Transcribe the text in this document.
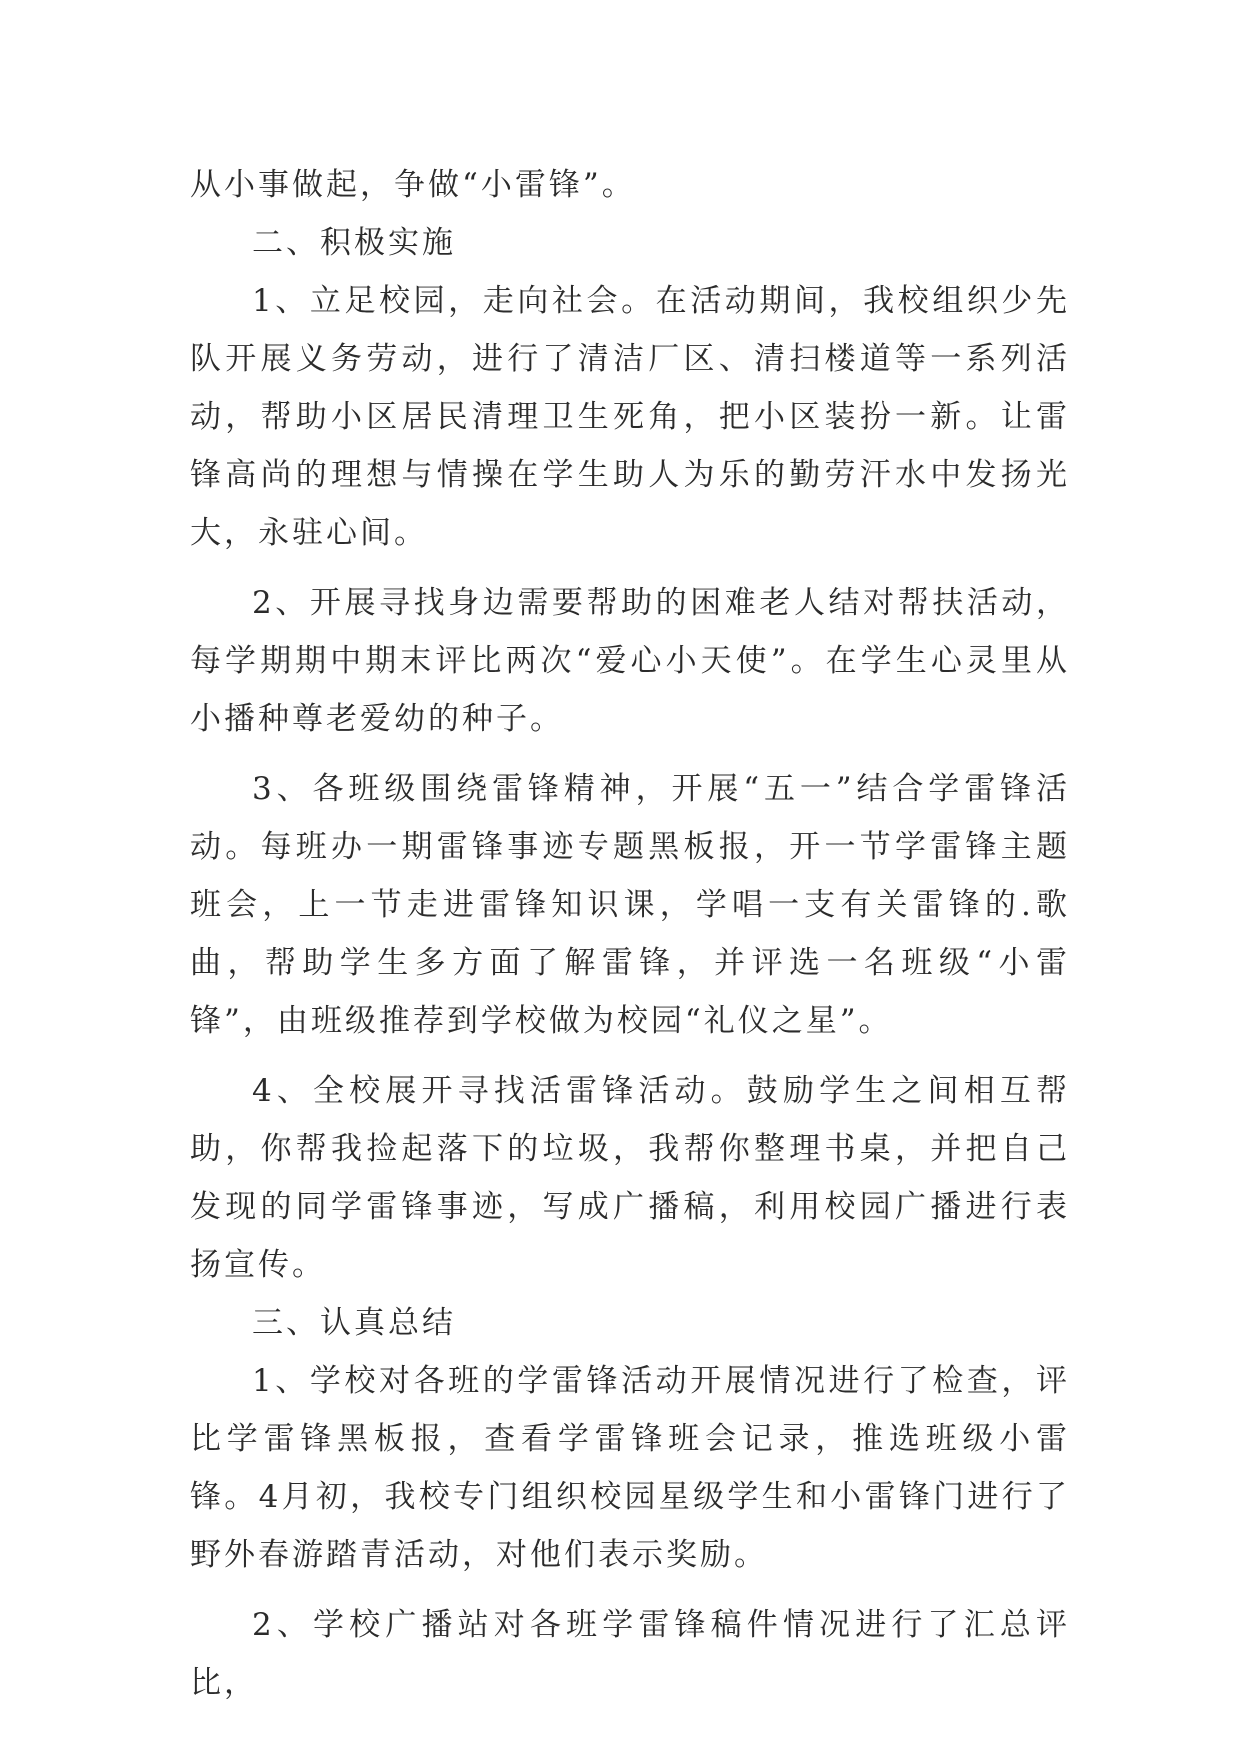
从小事做起，争做“小雷锋”。

二、积极实施

1、立足校园，走向社会。在活动期间，我校组织少先队开展义务劳动，进行了清洁厂区、清扫楼道等一系列活动，帮助小区居民清理卫生死角，把小区装扮一新。让雷锋高尚的理想与情操在学生助人为乐的勤劳汗水中发扬光大，永驻心间。

2、开展寻找身边需要帮助的困难老人结对帮扶活动，每学期期中期末评比两次“爱心小天使”。在学生心灵里从小播种尊老爱幼的种子。

3、各班级围绕雷锋精神，开展“五一”结合学雷锋活动。每班办一期雷锋事迹专题黑板报，开一节学雷锋主题班会，上一节走进雷锋知识课，学唱一支有关雷锋的.歌曲，帮助学生多方面了解雷锋，并评选一名班级“小雷锋”，由班级推荐到学校做为校园“礼仪之星”。

4、全校展开寻找活雷锋活动。鼓励学生之间相互帮助，你帮我捡起落下的垃圾，我帮你整理书桌，并把自己发现的同学雷锋事迹，写成广播稿，利用校园广播进行表扬宣传。

三、认真总结

1、学校对各班的学雷锋活动开展情况进行了检查，评比学雷锋黑板报，查看学雷锋班会记录，推选班级小雷锋。4月初，我校专门组织校园星级学生和小雷锋门进行了野外春游踏青活动，对他们表示奖励。

2、学校广播站对各班学雷锋稿件情况进行了汇总评比，
